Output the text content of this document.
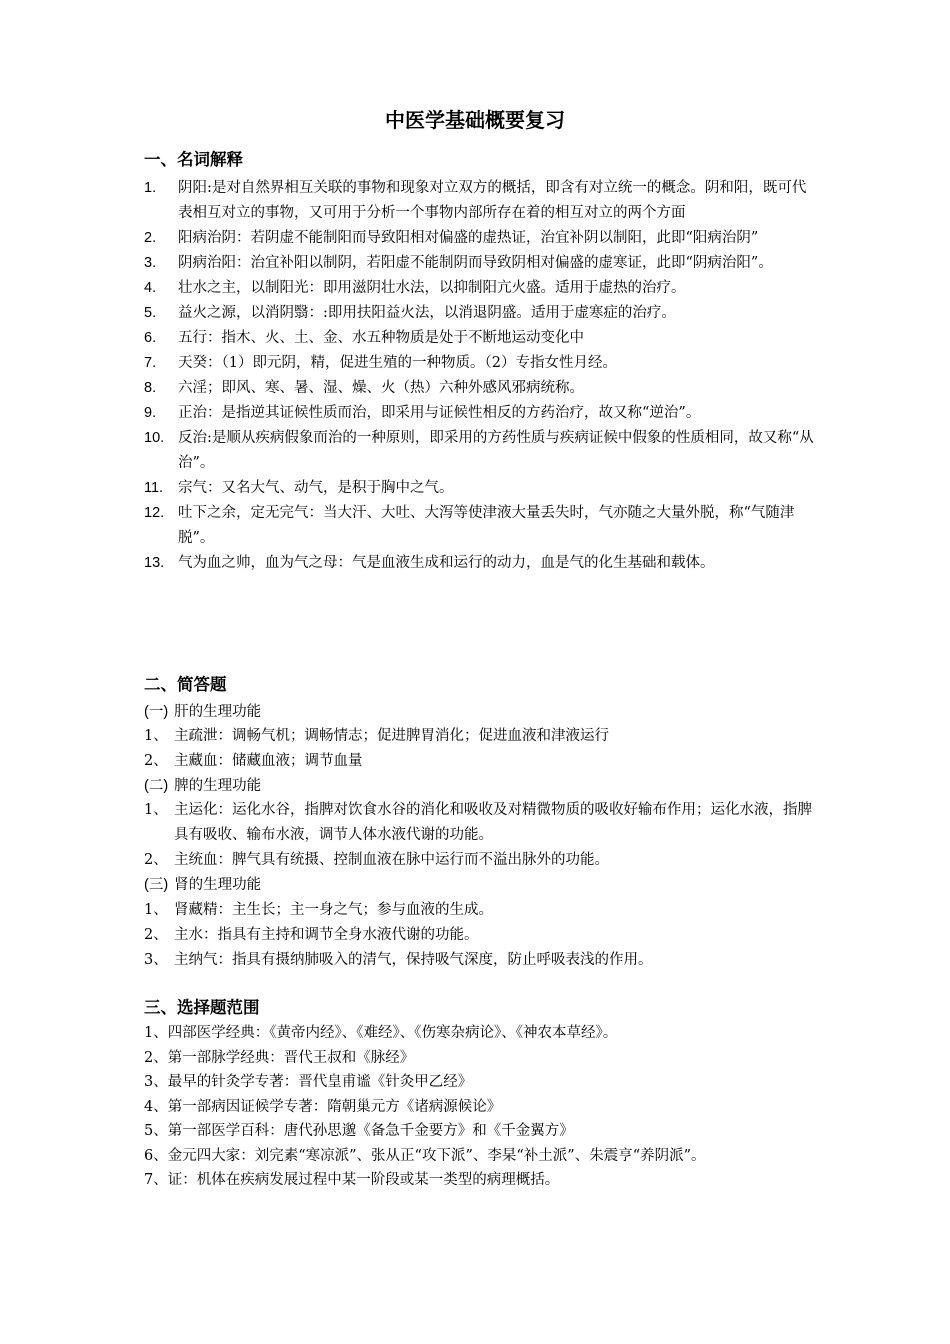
中医学基础概要复习
一、名词解释
1. 阴阳:是对自然界相互关联的事物和现象对立双方的概括，即含有对立统一的概念。阴和阳，既可代表相互对立的事物，又可用于分析一个事物内部所存在着的相互对立的两个方面
2. 阳病治阴：若阴虚不能制阳而导致阳相对偏盛的虚热证，治宜补阴以制阳，此即“阳病治阴”
3. 阴病治阳：治宜补阳以制阴，若阳虚不能制阴而导致阴相对偏盛的虚寒证，此即“阴病治阳”。
4. 壮水之主，以制阳光：即用滋阴壮水法，以抑制阳亢火盛。适用于虚热的治疗。
5. 益火之源，以消阴翳：:即用扶阳益火法，以消退阴盛。适用于虚寒症的治疗。
6. 五行：指木、火、土、金、水五种物质是处于不断地运动变化中
7. 天癸：（1）即元阴，精，促进生殖的一种物质。（2）专指女性月经。
8. 六淫；即风、寒、暑、湿、燥、火（热）六种外感风邪病统称。
9. 正治：是指逆其证候性质而治，即采用与证候性相反的方药治疗，故又称“逆治”。
10. 反治:是顺从疾病假象而治的一种原则，即采用的方药性质与疾病证候中假象的性质相同，故又称“从治”。
11. 宗气：又名大气、动气，是积于胸中之气。
12. 吐下之余，定无完气：当大汗、大吐、大泻等使津液大量丢失时，气亦随之大量外脱，称“气随津脱”。
13. 气为血之帅，血为气之母：气是血液生成和运行的动力，血是气的化生基础和载体。
二、简答题
(一) 肝的生理功能
1、 主疏泄：调畅气机；调畅情志；促进脾胃消化；促进血液和津液运行
2、 主藏血：储藏血液；调节血量
(二) 脾的生理功能
1、 主运化：运化水谷，指脾对饮食水谷的消化和吸收及对精微物质的吸收好输布作用；运化水液，指脾具有吸收、输布水液，调节人体水液代谢的功能。
2、 主统血：脾气具有统摄、控制血液在脉中运行而不溢出脉外的功能。
(三) 肾的生理功能
1、 肾藏精：主生长；主一身之气；参与血液的生成。
2、 主水：指具有主持和调节全身水液代谢的功能。
3、 主纳气：指具有摄纳肺吸入的清气，保持吸气深度，防止呼吸表浅的作用。
三、选择题范围
1、四部医学经典：《黄帝内经》、《难经》、《伤寒杂病论》、《神农本草经》。
2、第一部脉学经典：晋代王叔和《脉经》
3、最早的针灸学专著：晋代皇甫谧《针灸甲乙经》
4、第一部病因证候学专著：隋朝巢元方《诸病源候论》
5、第一部医学百科：唐代孙思邈《备急千金要方》和《千金翼方》
6、金元四大家：刘完素“寒凉派”、张从正“攻下派”、李杲“补土派”、朱震亨“养阴派”。
7、证：机体在疾病发展过程中某一阶段或某一类型的病理概括。
